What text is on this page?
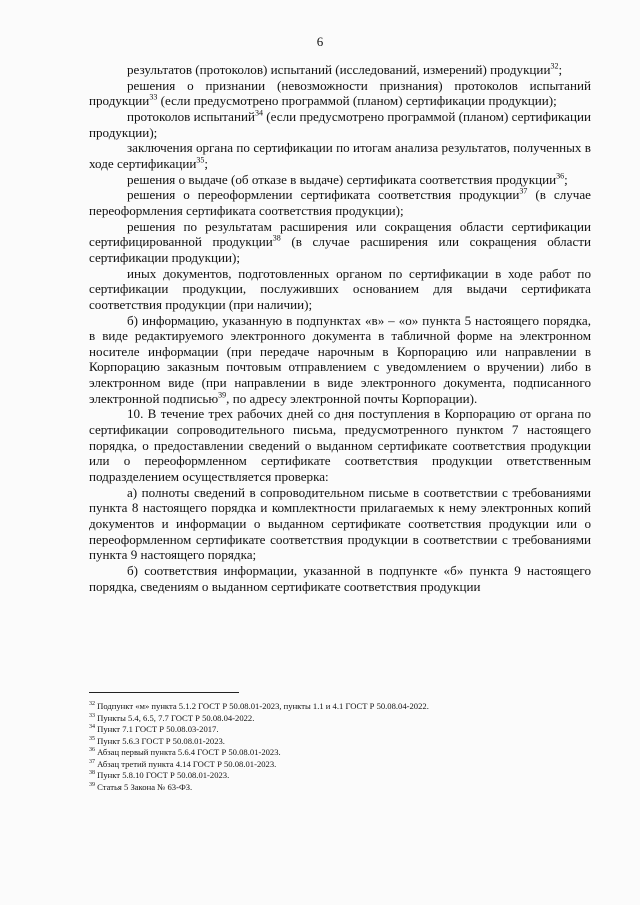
6

результатов (протоколов) испытаний (исследований, измерений) продукции$^{32}$;

решения о признании (невозможности признания) протоколов испытаний продукции$^{33}$ (если предусмотрено программой (планом) сертификации продукции);

протоколов испытаний$^{34}$ (если предусмотрено программой (планом) сертификации продукции);

заключения органа по сертификации по итогам анализа результатов, полученных в ходе сертификации$^{35}$;

решения о выдаче (об отказе в выдаче) сертификата соответствия продукции$^{36}$;

решения о переоформлении сертификата соответствия продукции$^{37}$ (в случае переоформления сертификата соответствия продукции);

решения по результатам расширения или сокращения области сертификации сертифицированной продукции$^{38}$ (в случае расширения или сокращения области сертификации продукции);

иных документов, подготовленных органом по сертификации в ходе работ по сертификации продукции, послуживших основанием для выдачи сертификата соответствия продукции (при наличии);

б) информацию, указанную в подпунктах «в» – «о» пункта 5 настоящего порядка, в виде редактируемого электронного документа в табличной форме на электронном носителе информации (при передаче нарочным в Корпорацию или направлении в Корпорацию заказным почтовым отправлением с уведомлением о вручении) либо в электронном виде (при направлении в виде электронного документа, подписанного электронной подписью$^{39}$, по адресу электронной почты Корпорации).

10. В течение трех рабочих дней со дня поступления в Корпорацию от органа по сертификации сопроводительного письма, предусмотренного пунктом 7 настоящего порядка, о предоставлении сведений о выданном сертификате соответствия продукции или о переоформленном сертификате соответствия продукции ответственным подразделением осуществляется проверка:

а) полноты сведений в сопроводительном письме в соответствии с требованиями пункта 8 настоящего порядка и комплектности прилагаемых к нему электронных копий документов и информации о выданном сертификате соответствия продукции или о переоформленном сертификате соответствия продукции в соответствии с требованиями пункта 9 настоящего порядка;

б) соответствия информации, указанной в подпункте «б» пункта 9 настоящего порядка, сведениям о выданном сертификате соответствия продукции

$^{32}$ Подпункт «м» пункта 5.1.2 ГОСТ Р 50.08.01-2023, пункты 1.1 и 4.1 ГОСТ Р 50.08.04-2022.

$^{33}$ Пункты 5.4, 6.5, 7.7 ГОСТ Р 50.08.04-2022.

$^{34}$ Пункт 7.1 ГОСТ Р 50.08.03-2017.

$^{35}$ Пункт 5.6.3 ГОСТ Р 50.08.01-2023.

$^{36}$ Абзац первый пункта 5.6.4 ГОСТ Р 50.08.01-2023.

$^{37}$ Абзац третий пункта 4.14 ГОСТ Р 50.08.01-2023.

$^{38}$ Пункт 5.8.10 ГОСТ Р 50.08.01-2023.

$^{39}$ Статья 5 Закона № 63-ФЗ.
